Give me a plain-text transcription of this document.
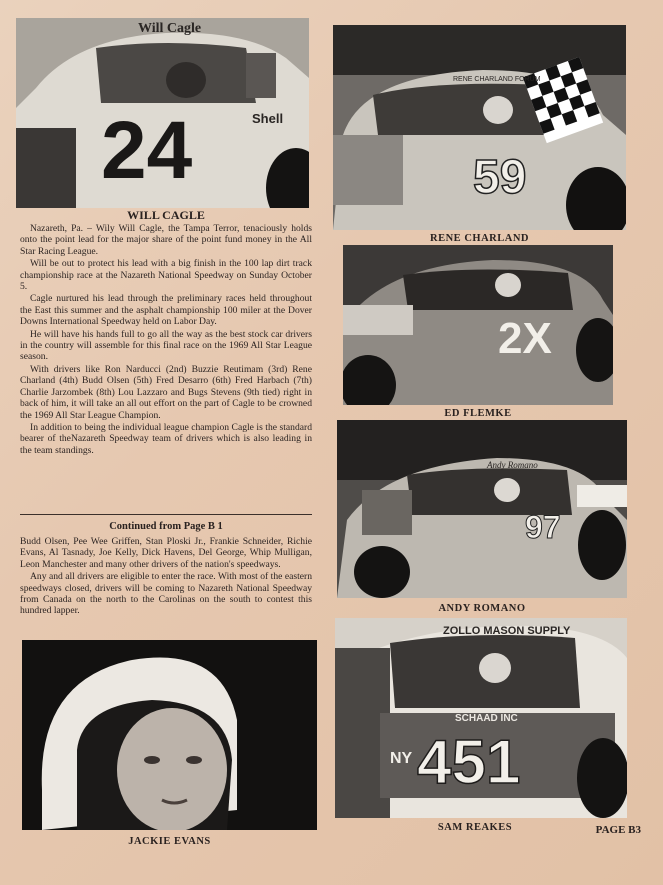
Will Cagle
24	Shell
WILL CAGLE

Nazareth, Pa. – Wily Will Cagle, the Tampa Terror, tenaciously holds onto the point lead for the major share of the point fund money in the All Star Racing League.

Will be out to protect his lead with a big finish in the 100 lap dirt track championship race at the Nazareth National Speedway on Sunday October 5.

Cagle nurtured his lead through the preliminary races held throughout the East this summer and the asphalt championship 100 miler at the Dover Downs International Speedway held on Labor Day.

He will have his hands full to go all the way as the best stock car drivers in the country will assemble for this final race on the 1969 All Star League season.

With drivers like Ron Narducci (2nd) Buzzie Reutimam (3rd) Rene Charland (4th) Budd Olsen (5th) Fred Desarro (6th) Fred Harbach (7th) Charlie Jarzombek (8th) Lou Lazzaro and Bugs Stevens (9th tied) right in back of him, it will take an all out effort on the part of Cagle to be crowned the 1969 All Star League Champion.

In addition to being the individual league champion Cagle is the standard bearer of theNazareth Speedway team of drivers which is also leading in the team standings.

Continued from Page B 1

Budd Olsen, Pee Wee Griffen, Stan Ploski Jr., Frankie Schneider, Richie Evans, Al Tasnady, Joe Kelly, Dick Havens, Del George, Whip Mulligan, Leon Manchester and many other drivers of the nation's speedways.

Any and all drivers are eligible to enter the race. With most of the eastern speedways closed, drivers will be coming to Nazareth National Speedway from Canada on the north to the Carolinas on the south to contest this hundred lapper.

JACKIE EVANS
RENE CHARLAND FORUM
59
RENE CHARLAND
2X
ED FLEMKE
Andy Romano
97
ANDY ROMANO
ZOLLO MASON SUPPLY
SCHAAD INC
NY 451
SAM REAKES	PAGE B3
